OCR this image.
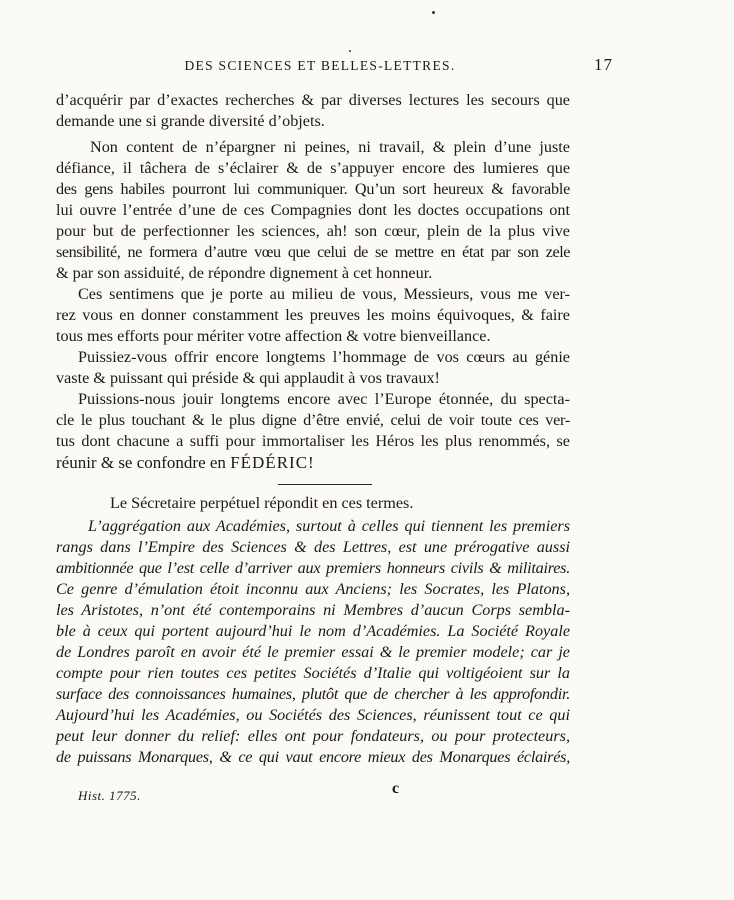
DES SCIENCES ET BELLES-LETTRES.	17
d’acquérir par d’exactes recherches & par diverses lectures les secours que
demande une si grande diversité d’objets.
Non content de n’épargner ni peines, ni travail, & plein d’une juste
défiance, il tâchera de s’éclairer & de s’appuyer encore des lumieres que
des gens habiles pourront lui communiquer. Qu’un sort heureux & favorable
lui ouvre l’entrée d’une de ces Compagnies dont les doctes occupations ont
pour but de perfectionner les sciences, ah! son cœur, plein de la plus vive
sensibilité, ne formera d’autre vœu que celui de se mettre en état par son zele
& par son assiduité, de répondre dignement à cet honneur.
Ces sentimens que je porte au milieu de vous, Messieurs, vous me ver-
rez vous en donner constamment les preuves les moins équivoques, & faire
tous mes efforts pour mériter votre affection & votre bienveillance.
Puissiez-vous offrir encore longtems l’hommage de vos cœurs au génie
vaste & puissant qui préside & qui applaudit à vos travaux!
Puissions-nous jouir longtems encore avec l’Europe étonnée, du specta-
cle le plus touchant & le plus digne d’être envié, celui de voir toute ces ver-
tus dont chacune a suffi pour immortaliser les Héros les plus renommés, se
réunir & se confondre en FÉDÉRIC!
Le Sécretaire perpétuel répondit en ces termes.
L’aggrégation aux Académies, surtout à celles qui tiennent les premiers
rangs dans l’Empire des Sciences & des Lettres, est une prérogative aussi
ambitionnée que l’est celle d’arriver aux premiers honneurs civils & militaires.
Ce genre d’émulation étoit inconnu aux Anciens; les Socrates, les Platons,
les Aristotes, n’ont été contemporains ni Membres d’aucun Corps sembla-
ble à ceux qui portent aujourd’hui le nom d’Académies. La Société Royale
de Londres paroît en avoir été le premier essai & le premier modele; car je
compte pour rien toutes ces petites Sociétés d’Italie qui voltigéoient sur la
surface des connoissances humaines, plutôt que de chercher à les approfondir.
Aujourd’hui les Académies, ou Sociétés des Sciences, réunissent tout ce qui
peut leur donner du relief: elles ont pour fondateurs, ou pour protecteurs,
de puissans Monarques, & ce qui vaut encore mieux des Monarques éclairés,
Hist. 1775.	c
